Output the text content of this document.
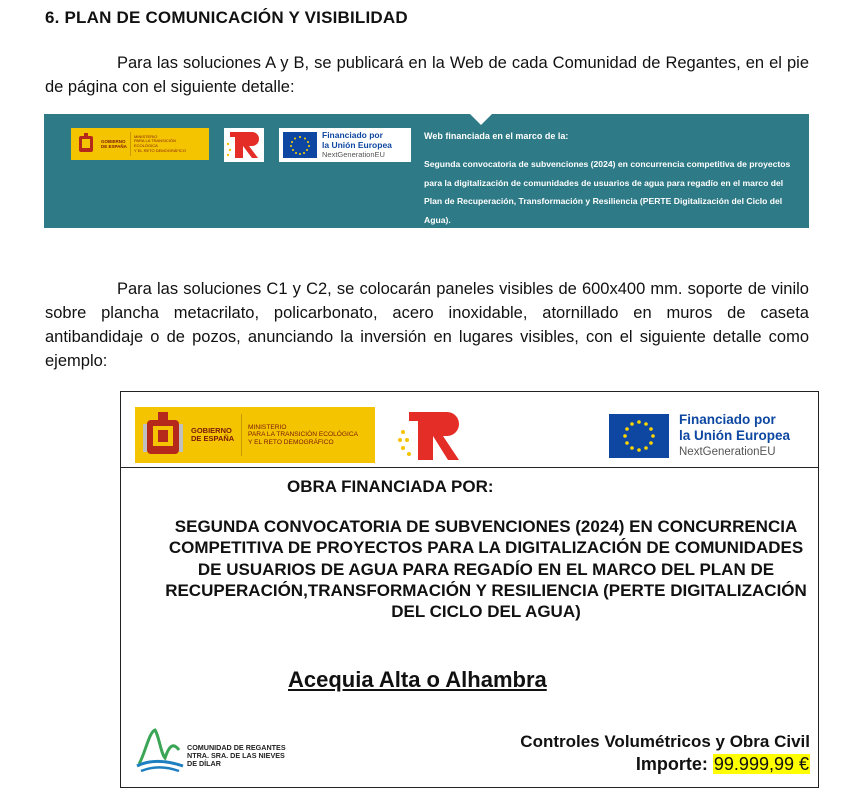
6. PLAN DE COMUNICACIÓN Y VISIBILIDAD

Para las soluciones A y B, se publicará en la Web de cada Comunidad de Regantes, en el pie de página con el siguiente detalle:

GOBIERNO
DE ESPAÑA
MINISTERIO
PARA LA TRANSICIÓN ECOLÓGICA
Y EL RETO DEMOGRÁFICO
Financiado por
la Unión Europea
NextGenerationEU
Web financiada en el marco de la:
Segunda convocatoria de subvenciones (2024) en concurrencia competitiva de proyectos para la digitalización de comunidades de usuarios de agua para regadío en el marco del Plan de Recuperación, Transformación y Resiliencia (PERTE Digitalización del Ciclo del Agua).

Para las soluciones C1 y C2, se colocarán paneles visibles de 600x400 mm. soporte de vinilo sobre plancha metacrilato, policarbonato, acero inoxidable, atornillado en muros de caseta antibandidaje o de pozos, anunciando la inversión en lugares visibles, con el siguiente detalle como ejemplo:

GOBIERNO
DE ESPAÑA
MINISTERIO
PARA LA TRANSICIÓN ECOLÓGICA
Y EL RETO DEMOGRÁFICO
Financiado por
la Unión Europea
NextGenerationEU
OBRA FINANCIADA POR:
SEGUNDA CONVOCATORIA DE SUBVENCIONES (2024) EN CONCURRENCIA COMPETITIVA DE PROYECTOS PARA LA DIGITALIZACIÓN DE COMUNIDADES DE USUARIOS DE AGUA PARA REGADÍO EN EL MARCO DEL PLAN DE RECUPERACIÓN,TRANSFORMACIÓN Y RESILIENCIA (PERTE DIGITALIZACIÓN DEL CICLO DEL AGUA)
Acequia Alta o Alhambra
COMUNIDAD DE REGANTES
NTRA. SRA. DE LAS NIEVES
DE DÍLAR
Controles Volumétricos y Obra Civil
Importe: 99.999,99 €
